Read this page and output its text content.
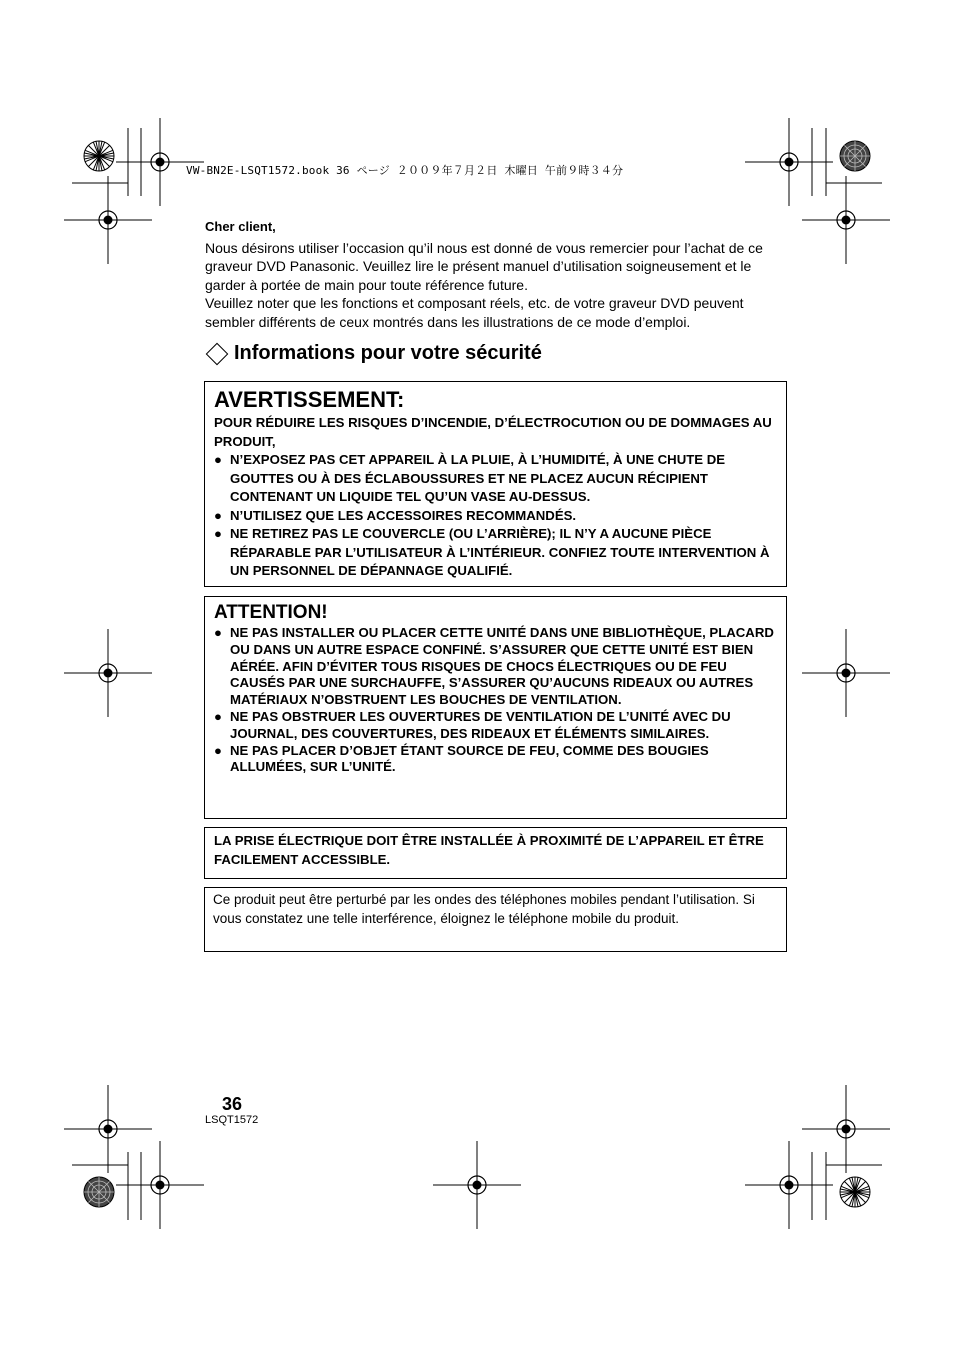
VW-BN2E-LSQT1572.book 36 ページ ２００９年７月２日 木曜日 午前９時３４分

Cher client,

Nous désirons utiliser l’occasion qu’il nous est donné de vous remercier pour l’achat de ce graveur DVD Panasonic. Veuillez lire le présent manuel d’utilisation soigneusement et le garder à portée de main pour toute référence future.

Veuillez noter que les fonctions et composant réels, etc. de votre graveur DVD peuvent sembler différents de ceux montrés dans les illustrations de ce mode d’emploi.

Informations pour votre sécurité
AVERTISSEMENT:
POUR RÉDUIRE LES RISQUES D’INCENDIE, D’ÉLECTROCUTION OU DE DOMMAGES AU PRODUIT,
● N’EXPOSEZ PAS CET APPAREIL À LA PLUIE, À L’HUMIDITÉ, À UNE CHUTE DE GOUTTES OU À DES ÉCLABOUSSURES ET NE PLACEZ AUCUN RÉCIPIENT CONTENANT UN LIQUIDE TEL QU’UN VASE AU-DESSUS.
● N’UTILISEZ QUE LES ACCESSOIRES RECOMMANDÉS.
● NE RETIREZ PAS LE COUVERCLE (OU L’ARRIÈRE); IL N’Y A AUCUNE PIÈCE RÉPARABLE PAR L’UTILISATEUR À L’INTÉRIEUR. CONFIEZ TOUTE INTERVENTION À UN PERSONNEL DE DÉPANNAGE QUALIFIÉ.
ATTENTION!
● NE PAS INSTALLER OU PLACER CETTE UNITÉ DANS UNE BIBLIOTHÈQUE, PLACARD OU DANS UN AUTRE ESPACE CONFINÉ. S’ASSURER QUE CETTE UNITÉ EST BIEN AÉRÉE. AFIN D’ÉVITER TOUS RISQUES DE CHOCS ÉLECTRIQUES OU DE FEU CAUSÉS PAR UNE SURCHAUFFE, S’ASSURER QU’AUCUNS RIDEAUX OU AUTRES MATÉRIAUX N’OBSTRUENT LES BOUCHES DE VENTILATION.
● NE PAS OBSTRUER LES OUVERTURES DE VENTILATION DE L’UNITÉ AVEC DU JOURNAL, DES COUVERTURES, DES RIDEAUX ET ÉLÉMENTS SIMILAIRES.
● NE PAS PLACER D’OBJET ÉTANT SOURCE DE FEU, COMME DES BOUGIES ALLUMÉES, SUR L’UNITÉ.
LA PRISE ÉLECTRIQUE DOIT ÊTRE INSTALLÉE À PROXIMITÉ DE L’APPAREIL ET ÊTRE FACILEMENT ACCESSIBLE.
Ce produit peut être perturbé par les ondes des téléphones mobiles pendant l’utilisation. Si vous constatez une telle interférence, éloignez le téléphone mobile du produit.
36
LSQT1572
